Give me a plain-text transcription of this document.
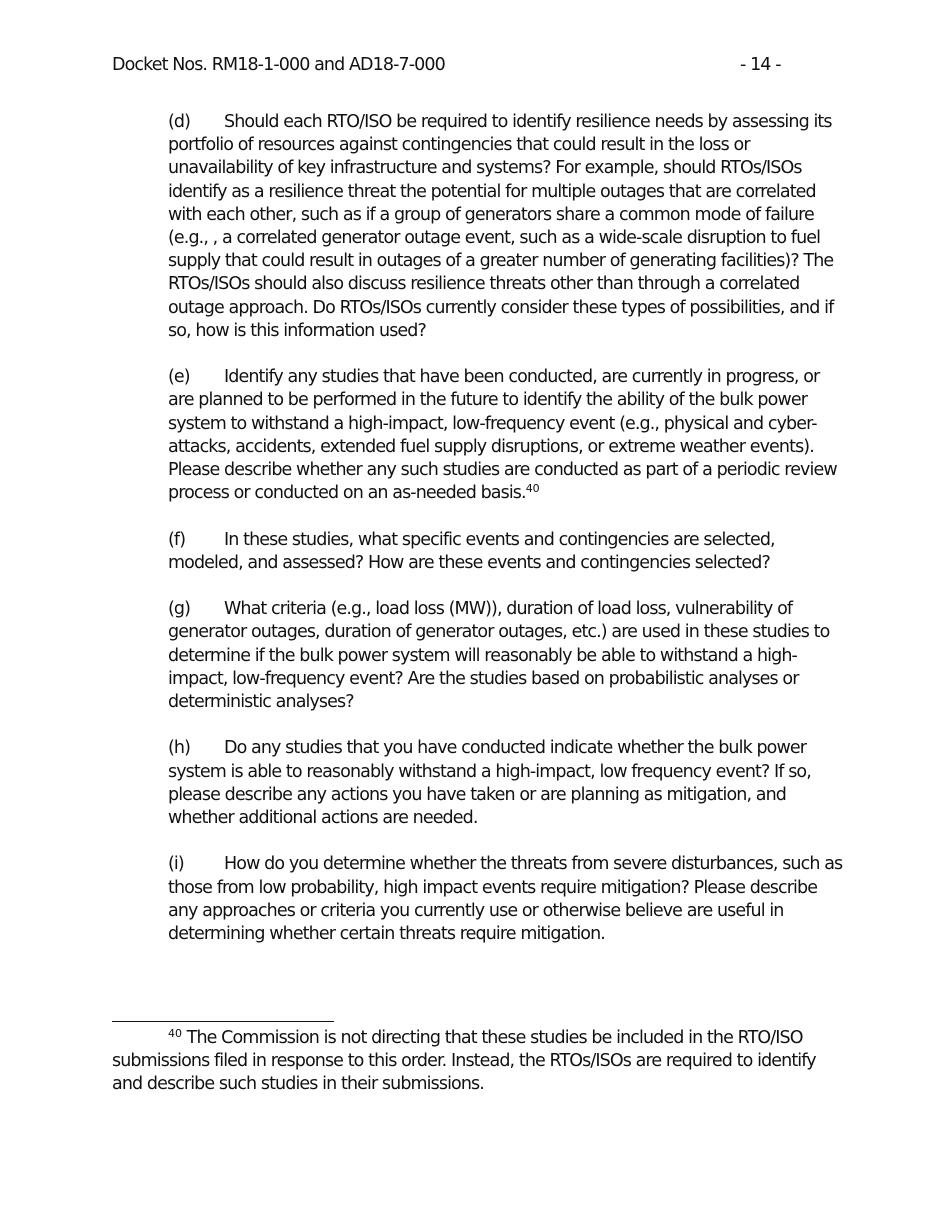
Docket Nos. RM18-1-000 and AD18-7-000	- 14 -

(d) Should each RTO/ISO be required to identify resilience needs by assessing its portfolio of resources against contingencies that could result in the loss or unavailability of key infrastructure and systems? For example, should RTOs/ISOs identify as a resilience threat the potential for multiple outages that are correlated with each other, such as if a group of generators share a common mode of failure (e.g., , a correlated generator outage event, such as a wide-scale disruption to fuel supply that could result in outages of a greater number of generating facilities)? The RTOs/ISOs should also discuss resilience threats other than through a correlated outage approach. Do RTOs/ISOs currently consider these types of possibilities, and if so, how is this information used?

(e) Identify any studies that have been conducted, are currently in progress, or are planned to be performed in the future to identify the ability of the bulk power system to withstand a high-impact, low-frequency event (e.g., physical and cyber-attacks, accidents, extended fuel supply disruptions, or extreme weather events). Please describe whether any such studies are conducted as part of a periodic review process or conducted on an as-needed basis.$^{40}$

(f) In these studies, what specific events and contingencies are selected, modeled, and assessed? How are these events and contingencies selected?

(g) What criteria (e.g., load loss (MW)), duration of load loss, vulnerability of generator outages, duration of generator outages, etc.) are used in these studies to determine if the bulk power system will reasonably be able to withstand a high-impact, low-frequency event? Are the studies based on probabilistic analyses or deterministic analyses?

(h) Do any studies that you have conducted indicate whether the bulk power system is able to reasonably withstand a high-impact, low frequency event? If so, please describe any actions you have taken or are planning as mitigation, and whether additional actions are needed.

(i) How do you determine whether the threats from severe disturbances, such as those from low probability, high impact events require mitigation? Please describe any approaches or criteria you currently use or otherwise believe are useful in determining whether certain threats require mitigation.

$^{40}$ The Commission is not directing that these studies be included in the RTO/ISO submissions filed in response to this order. Instead, the RTOs/ISOs are required to identify and describe such studies in their submissions.
